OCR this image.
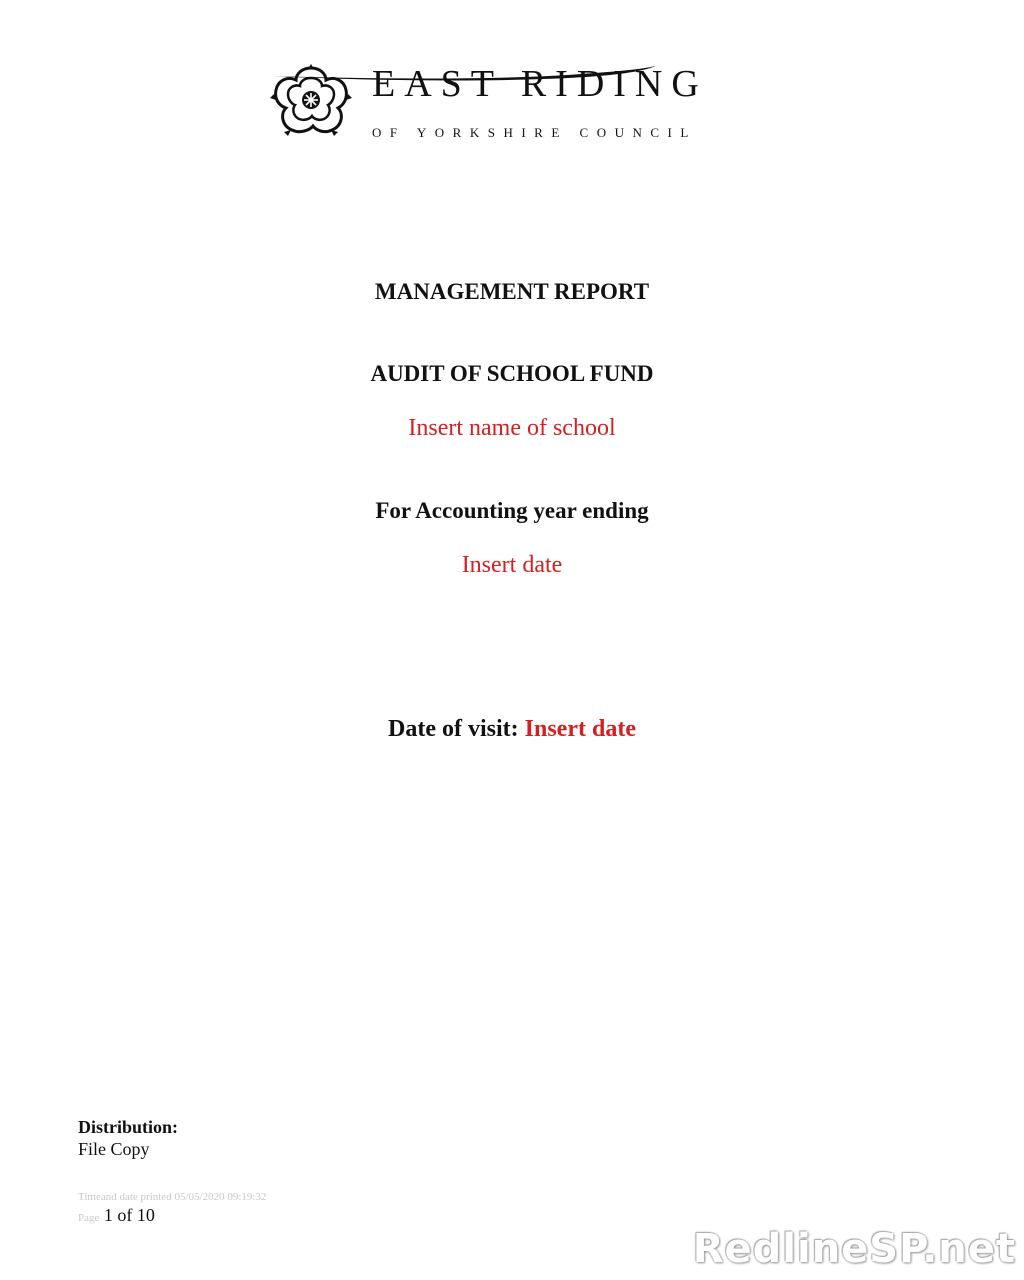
EAST RIDING
OF YORKSHIRE COUNCIL
MANAGEMENT REPORT
AUDIT OF SCHOOL FUND
Insert name of school
For Accounting year ending
Insert date
Date of visit: Insert date
Distribution:
File Copy
Timeand date printed 05/05/2020 09:19:32
Page 1 of 10
RedlineSP.net
